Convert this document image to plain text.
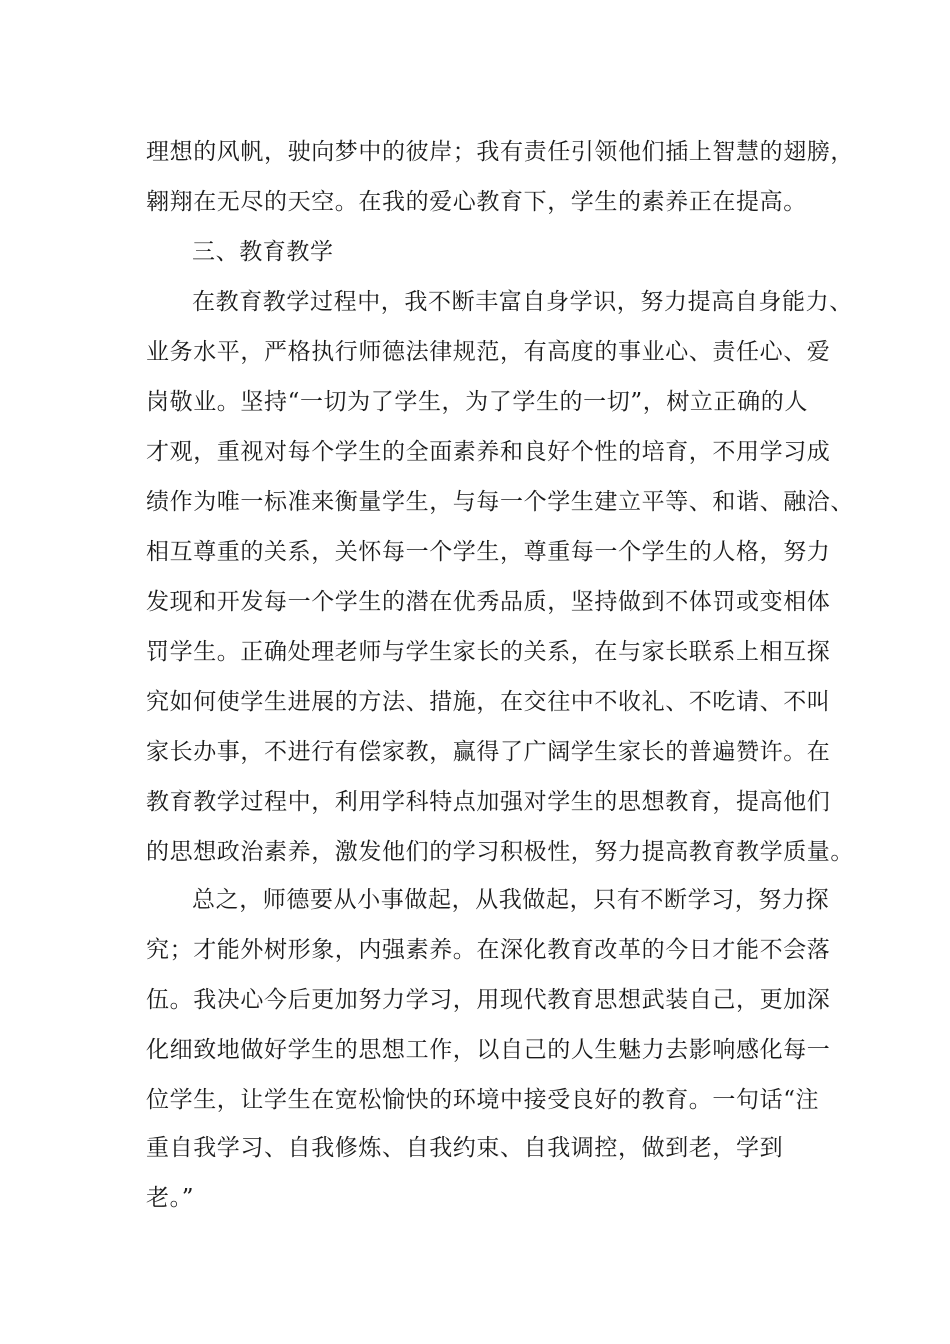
理想的风帆，驶向梦中的彼岸；我有责任引领他们插上智慧的翅膀，
翱翔在无尽的天空。在我的爱心教育下，学生的素养正在提高。
三、教育教学
在教育教学过程中，我不断丰富自身学识，努力提高自身能力、
业务水平，严格执行师德法律规范，有高度的事业心、责任心、爱
岗敬业。坚持“一切为了学生，为了学生的一切”，树立正确的人
才观，重视对每个学生的全面素养和良好个性的培育，不用学习成
绩作为唯一标准来衡量学生，与每一个学生建立平等、和谐、融洽、
相互尊重的关系，关怀每一个学生，尊重每一个学生的人格，努力
发现和开发每一个学生的潜在优秀品质，坚持做到不体罚或变相体
罚学生。正确处理老师与学生家长的关系，在与家长联系上相互探
究如何使学生进展的方法、措施，在交往中不收礼、不吃请、不叫
家长办事，不进行有偿家教，赢得了广阔学生家长的普遍赞许。在
教育教学过程中，利用学科特点加强对学生的思想教育，提高他们
的思想政治素养，激发他们的学习积极性，努力提高教育教学质量。
总之，师德要从小事做起，从我做起，只有不断学习，努力探
究；才能外树形象，内强素养。在深化教育改革的今日才能不会落
伍。我决心今后更加努力学习，用现代教育思想武装自己，更加深
化细致地做好学生的思想工作，以自己的人生魅力去影响感化每一
位学生，让学生在宽松愉快的环境中接受良好的教育。一句话“注
重自我学习、自我修炼、自我约束、自我调控，做到老，学到
老。”
